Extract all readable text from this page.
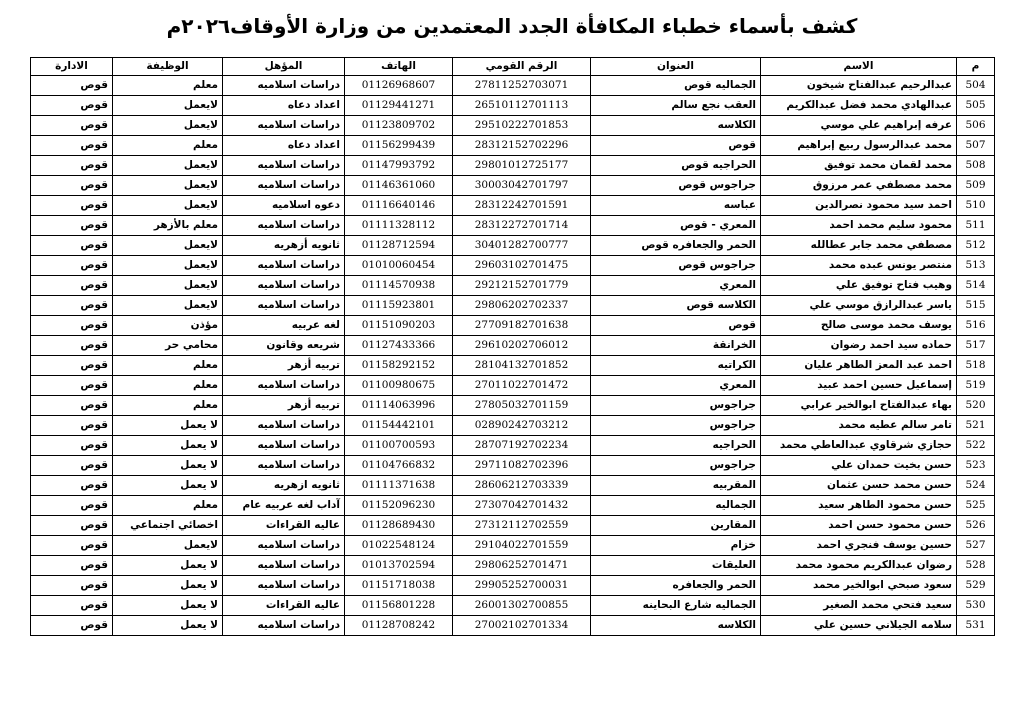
كشف بأسماء خطباء المكافأة الجدد المعتمدين من وزارة الأوقاف٢٠٢٦م
م	الاسم	العنوان	الرقم القومي	الهاتف	المؤهل	الوظيفة	الادارة
504	عبدالرحيم عبدالفتاح شيخون	الجماليه قوص	27811252703071	01126968607	دراسات اسلاميه	معلم	قوص
505	عبدالهادي محمد فضل عبدالكريم	العقب نجع سالم	26510112701113	01129441271	اعداد دعاه	لايعمل	قوص
506	عرفه إبراهيم علي موسي	الكلاسه	29510222701853	01123809702	دراسات اسلاميه	لايعمل	قوص
507	محمد عبدالرسول ربيع إبراهيم	قوص	28312152702296	01156299439	اعداد دعاه	معلم	قوص
508	محمد لقمان محمد توفيق	الحراجيه قوص	29801012725177	01147993792	دراسات اسلاميه	لايعمل	قوص
509	محمد مصطفي عمر مرزوق	جراجوس قوص	30003042701797	01146361060	دراسات اسلاميه	لايعمل	قوص
510	احمد سيد محمود نصرالدين	عباسه	28312242701591	01116640146	دعوه اسلاميه	لايعمل	قوص
511	محمود سليم محمد احمد	المعري - قوص	28312272701714	01111328112	دراسات اسلاميه	معلم بالأزهر	قوص
512	مصطفي محمد جابر عطالله	الحمر والجعافره قوص	30401282700777	01128712594	ثانويه أزهريه	لايعمل	قوص
513	منتصر يونس عبده محمد	جراجوس قوص	29603102701475	01010060454	دراسات اسلاميه	لايعمل	قوص
514	وهيب فتاح توفيق علي	المعري	29212152701779	01114570938	دراسات اسلاميه	لايعمل	قوص
515	ياسر عبدالرازق موسي علي	الكلاسه قوص	29806202702337	01115923801	دراسات اسلاميه	لايعمل	قوص
516	يوسف محمد موسى صالح	قوص	27709182701638	01151090203	لغه عربيه	مؤذن	قوص
517	حماده سيد احمد رضوان	الخرانقة	29610202706012	01127433366	شريعه وقانون	محامي حر	قوص
518	احمد عبد المعز الطاهر عليان	الكراتيه	28104132701852	01158292152	تربيه أزهر	معلم	قوص
519	إسماعيل حسين احمد عبيد	المعري	27011022701472	01100980675	دراسات اسلاميه	معلم	قوص
520	بهاء عبدالفتاح ابوالخير عرابي	جراجوس	27805032701159	01114063996	تربيه أزهر	معلم	قوص
521	تامر سالم عطيه محمد	جراجوس	02890242703212	01154442101	دراسات اسلاميه	لا يعمل	قوص
522	حجازي شرقاوي عبدالعاطي محمد	الحراجيه	28707192702234	01100700593	دراسات اسلاميه	لا يعمل	قوص
523	حسن بخيت حمدان علي	جراجوس	29711082702396	01104766832	دراسات اسلاميه	لا يعمل	قوص
524	حسن محمد حسن عثمان	المقربيه	28606212703339	01111371638	ثانويه ازهريه	لا يعمل	قوص
525	حسن محمود الطاهر سعيد	الجماليه	27307042701432	01152096230	آداب لغه عربيه عام	معلم	قوص
526	حسن محمود حسن احمد	المقارين	27312112702559	01128689430	عاليه القراءات	اخصائي اجتماعي	قوص
527	حسين يوسف فنجري احمد	خزام	29104022701559	01022548124	دراسات اسلاميه	لايعمل	قوص
528	رضوان عبدالكريم محمود محمد	العليقات	29806252701471	01013702594	دراسات اسلاميه	لا يعمل	قوص
529	سعود صبحي ابوالخير محمد	الحمر والجعافره	29905252700031	01151718038	دراسات اسلاميه	لا يعمل	قوص
530	سعيد فتحي محمد الصغير	الجماليه شارع البحاينه	26001302700855	01156801228	عاليه القراءات	لا يعمل	قوص
531	سلامه الجيلاني حسين علي	الكلاسه	27002102701334	01128708242	دراسات اسلاميه	لا يعمل	قوص
